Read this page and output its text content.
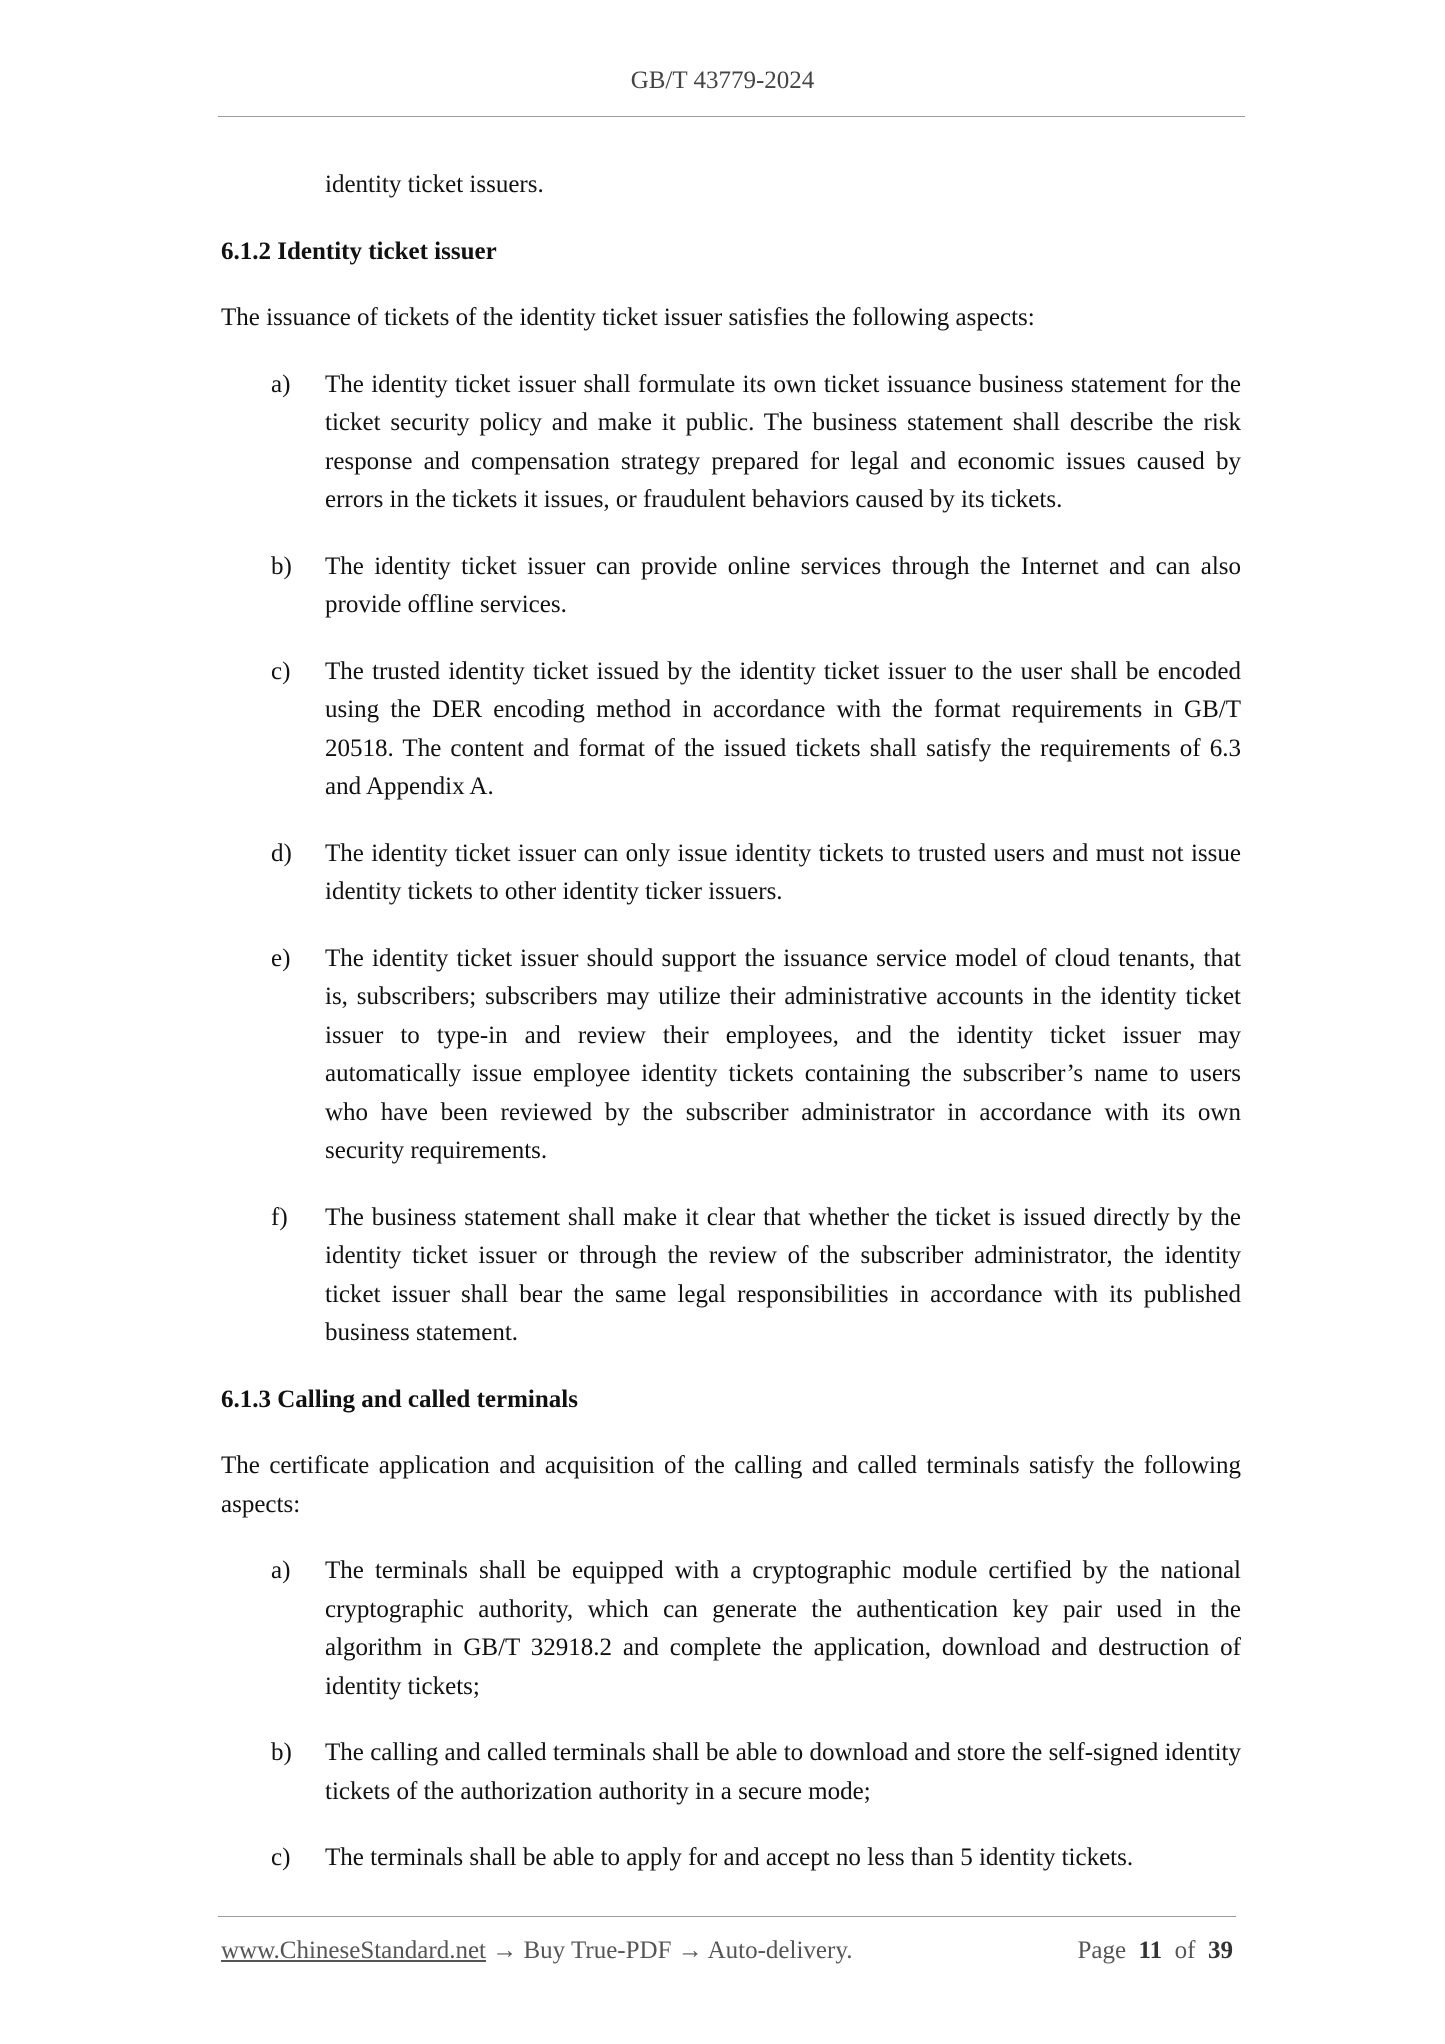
GB/T 43779-2024
identity ticket issuers.
6.1.2 Identity ticket issuer
The issuance of tickets of the identity ticket issuer satisfies the following aspects:
a) The identity ticket issuer shall formulate its own ticket issuance business statement for the ticket security policy and make it public. The business statement shall describe the risk response and compensation strategy prepared for legal and economic issues caused by errors in the tickets it issues, or fraudulent behaviors caused by its tickets.
b) The identity ticket issuer can provide online services through the Internet and can also provide offline services.
c) The trusted identity ticket issued by the identity ticket issuer to the user shall be encoded using the DER encoding method in accordance with the format requirements in GB/T 20518. The content and format of the issued tickets shall satisfy the requirements of 6.3 and Appendix A.
d) The identity ticket issuer can only issue identity tickets to trusted users and must not issue identity tickets to other identity ticker issuers.
e) The identity ticket issuer should support the issuance service model of cloud tenants, that is, subscribers; subscribers may utilize their administrative accounts in the identity ticket issuer to type-in and review their employees, and the identity ticket issuer may automatically issue employee identity tickets containing the subscriber’s name to users who have been reviewed by the subscriber administrator in accordance with its own security requirements.
f) The business statement shall make it clear that whether the ticket is issued directly by the identity ticket issuer or through the review of the subscriber administrator, the identity ticket issuer shall bear the same legal responsibilities in accordance with its published business statement.
6.1.3 Calling and called terminals
The certificate application and acquisition of the calling and called terminals satisfy the following aspects:
a) The terminals shall be equipped with a cryptographic module certified by the national cryptographic authority, which can generate the authentication key pair used in the algorithm in GB/T 32918.2 and complete the application, download and destruction of identity tickets;
b) The calling and called terminals shall be able to download and store the self-signed identity tickets of the authorization authority in a secure mode;
c) The terminals shall be able to apply for and accept no less than 5 identity tickets.
www.ChineseStandard.net → Buy True-PDF → Auto-delivery.	Page 11 of 39
